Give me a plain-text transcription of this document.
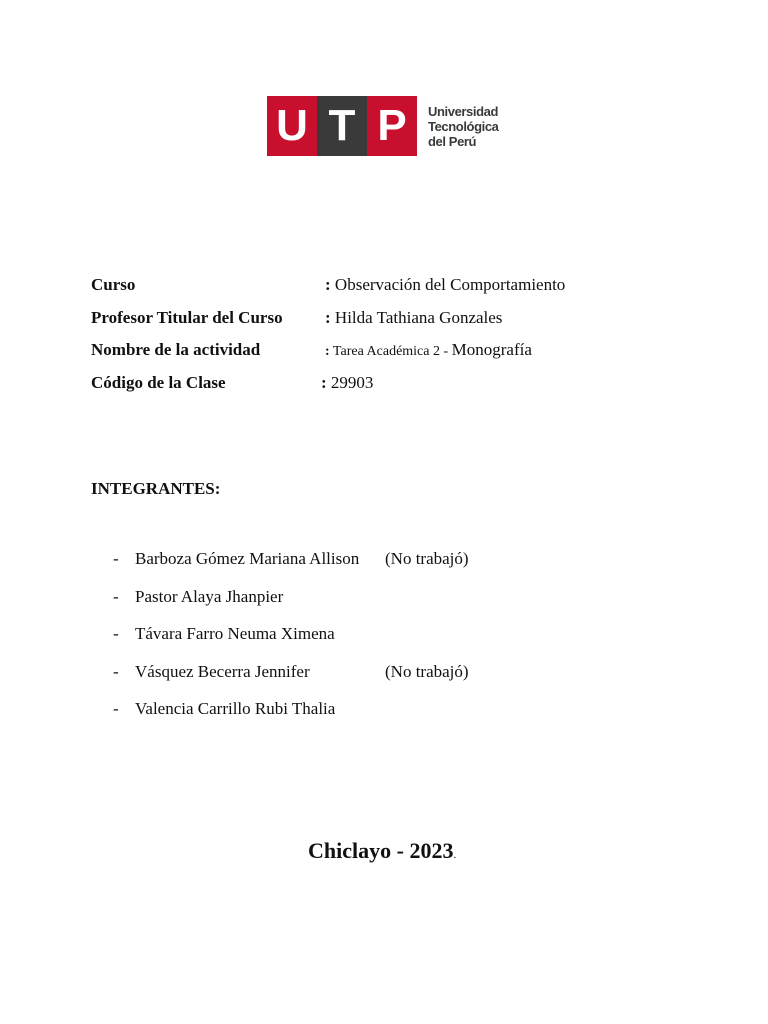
U T P	Universidad
Tecnológica
del Perú
Curso	: Observación del Comportamiento
Profesor Titular del Curso : Hilda Tathiana Gonzales
Nombre de la actividad	: Tarea Académica 2 - Monografía
Código de la Clase	: 29903
INTEGRANTES:
- Barboza Gómez Mariana Allison (No trabajó)
- Pastor Alaya Jhanpier
- Távara Farro Neuma Ximena
- Vásquez Becerra Jennifer	(No trabajó)
- Valencia Carrillo Rubi Thalia
Chiclayo - 2023.
